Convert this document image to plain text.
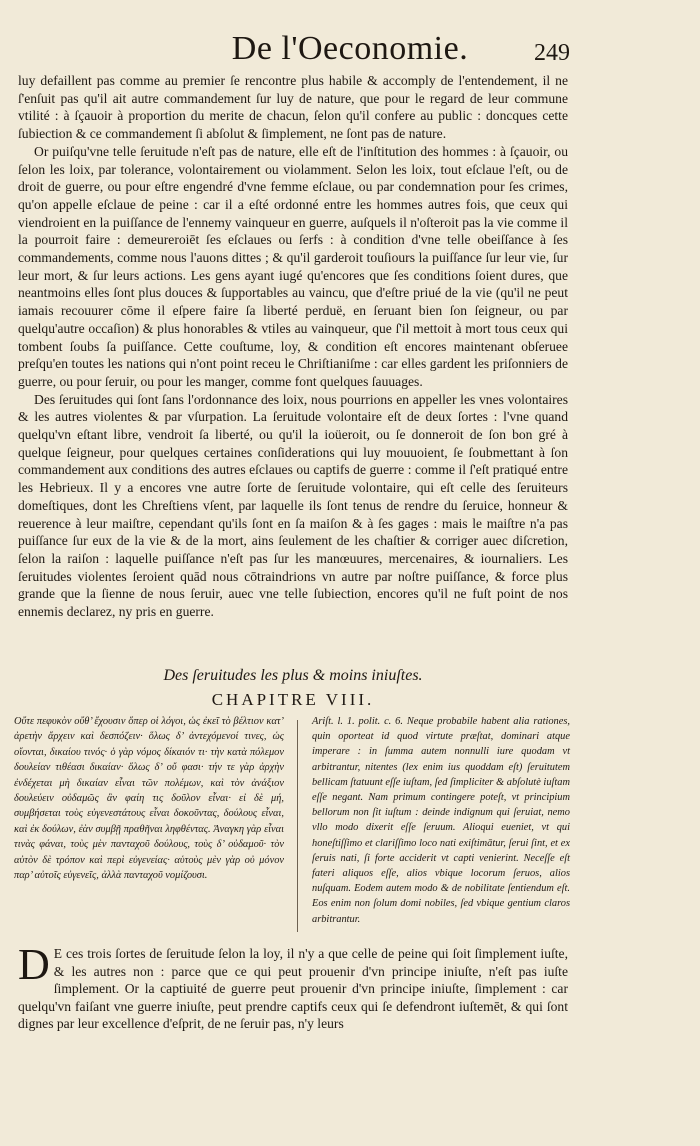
De l'Oeconomie.	249

luy defaillent pas comme au premier ſe rencontre plus habile & accomply de l'entendement, il ne ſ'enſuit pas qu'il ait autre commandement ſur luy de nature, que pour le regard de leur commune vtilité : à ſçauoir à proportion du merite de chacun, ſelon qu'il confere au public : doncques cette ſubiection & ce commandement ſi abſolut & ſimplement, ne ſont pas de nature.

Or puiſqu'vne telle ſeruitude n'eſt pas de nature, elle eſt de l'inſtitution des hommes : à ſçauoir, ou ſelon les loix, par tolerance, volontairement ou violamment. Selon les loix, tout eſclaue l'eſt, ou de droit de guerre, ou pour eſtre engendré d'vne femme eſclaue, ou par condemnation pour ſes crimes, qu'on appelle eſclaue de peine : car il a eſté ordonné entre les hommes autres fois, que ceux qui viendroient en la puiſſance de l'ennemy vainqueur en guerre, auſquels il n'oſteroit pas la vie comme il la pourroit faire : demeureroiēt ſes eſclaues ou ſerfs : à condition d'vne telle obeiſſance à ſes commandements, comme nous l'auons dittes ; & qu'il garderoit touſiours la puiſſance ſur leur vie, ſur leur mort, & ſur leurs actions. Les gens ayant iugé qu'encores que ſes conditions ſoient dures, que neantmoins elles ſont plus douces & ſupportables au vaincu, que d'eſtre priué de la vie (qu'il ne peut iamais recouurer cōme il eſpere faire ſa liberté perduë, en ſeruant bien ſon ſeigneur, ou par quelqu'autre occaſion) & plus honorables & vtiles au vainqueur, que ſ'il mettoit à mort tous ceux qui tombent ſoubs ſa puiſſance. Cette couſtume, loy, & condition eſt encores maintenant obſeruee preſqu'en toutes les nations qui n'ont point receu le Chriſtianiſme : car elles gardent les priſonniers de guerre, ou pour ſeruir, ou pour les manger, comme font quelques ſauuages.

Des ſeruitudes qui ſont ſans l'ordonnance des loix, nous pourrions en appeller les vnes volontaires & les autres violentes & par vſurpation. La ſeruitude volontaire eſt de deux ſortes : l'vne quand quelqu'vn eſtant libre, vendroit ſa liberté, ou qu'il la ioüeroit, ou ſe donneroit de ſon bon gré à quelque ſeigneur, pour quelques certaines conſiderations qui luy mouuoient, ſe ſoubmettant à ſon commandement aux conditions des autres eſclaues ou captifs de guerre : comme il ſ'eſt pratiqué entre les Hebrieux. Il y a encores vne autre ſorte de ſeruitude volontaire, qui eſt celle des ſeruiteurs domeſtiques, dont les Chreſtiens vſent, par laquelle ils ſont tenus de rendre du ſeruice, honneur & reuerence à leur maiſtre, cependant qu'ils ſont en ſa maiſon & à ſes gages : mais le maiſtre n'a pas puiſſance ſur eux de la vie & de la mort, ains ſeulement de les chaſtier & corriger auec diſcretion, ſelon la raiſon : laquelle puiſſance n'eſt pas ſur les manœuures, mercenaires, & iournaliers. Les ſeruitudes violentes ſeroient quād nous cōtraindrions vn autre par noſtre puiſſance, & force plus grande que la ſienne de nous ſeruir, auec vne telle ſubiection, encores qu'il ne fuſt point de nos ennemis declarez, ny pris en guerre.

Des ſeruitudes les plus & moins iniuſtes.
CHAPITRE VIII.
Οὔτε πεφυκὸν οὔθ’ ἔχουσιν ὅπερ οἱ λόγοι, ὡς ἐκεῖ τὸ βέλτιον κατ’ ἀρετὴν ἄρχειν καὶ δεσπόζειν· ὅλως δ’ ἀντεχόμενοί τινες, ὡς οἴονται, δικαίου τινός· ὁ γὰρ νόμος δίκαιόν τι· τὴν κατὰ πόλεμον δουλείαν τιθέασι δικαίαν· ὅλως δ’ οὔ φασι· τήν τε γὰρ ἀρχὴν ἐνδέχεται μὴ δικαίαν εἶναι τῶν πολέμων, καὶ τὸν ἀνάξιον δουλεύειν οὐδαμῶς ἂν φαίη τις δοῦλον εἶναι· εἰ δὲ μή, συμβήσεται τοὺς εὐγενεστάτους εἶναι δοκοῦντας, δούλους εἶναι, καὶ ἐκ δούλων, ἐὰν συμβῇ πραθῆναι ληφθέντας. Ἀναγκη γὰρ εἶναι τινὰς φάναι, τοὺς μὲν πανταχοῦ δούλους, τοὺς δ’ οὐδαμοῦ· τὸν αὐτὸν δὲ τρόπον καὶ περὶ εὐγενείας· αὑτοὺς μὲν γὰρ οὐ μόνον παρ’ αὐτοῖς εὐγενεῖς, ἀλλὰ πανταχοῦ νομίζουσι.
Ariſt. l. 1. polit. c. 6. Neque probabile habent alia rationes, quin oporteat id quod virtute præſtat, dominari atque imperare : in ſumma autem nonnulli iure quodam vt arbitrantur, nitentes (lex enim ius quoddam eſt) ſeruitutem bellicam ſtatuunt eſſe iuſtam, ſed ſimpliciter & abſolutè iuſtam eſſe negant. Nam primum contingere poteſt, vt principium bellorum non ſit iuſtum : deinde indignum qui ſeruiat, nemo vllo modo dixerit eſſe ſeruum. Alioqui eueniet, vt qui honeſtiſſimo et clariſſimo loco nati exiſtimātur, ſerui ſint, et ex ſeruis nati, ſi forte acciderit vt capti venierint. Neceſſe eſt fateri aliquos eſſe, alios vbique locorum ſeruos, alios nuſquam. Eodem autem modo & de nobilitate ſentiendum eſt. Eos enim non ſolum domi nobiles, ſed vbique gentium claros arbitrantur.
D E ces trois ſortes de ſeruitude ſelon la loy, il n'y a que celle de peine qui ſoit ſimplement iuſte, & les autres non : parce que ce qui peut prouenir d'vn principe iniuſte, n'eſt pas iuſte ſimplement. Or la captiuité de guerre peut prouenir d'vn principe iniuſte, ſimplement : car quelqu'vn faiſant vne guerre iniuſte, peut prendre captifs ceux qui ſe defendront iuſtemēt, & qui ſont dignes par leur excellence d'eſprit, de ne ſeruir pas, n'y leurs
